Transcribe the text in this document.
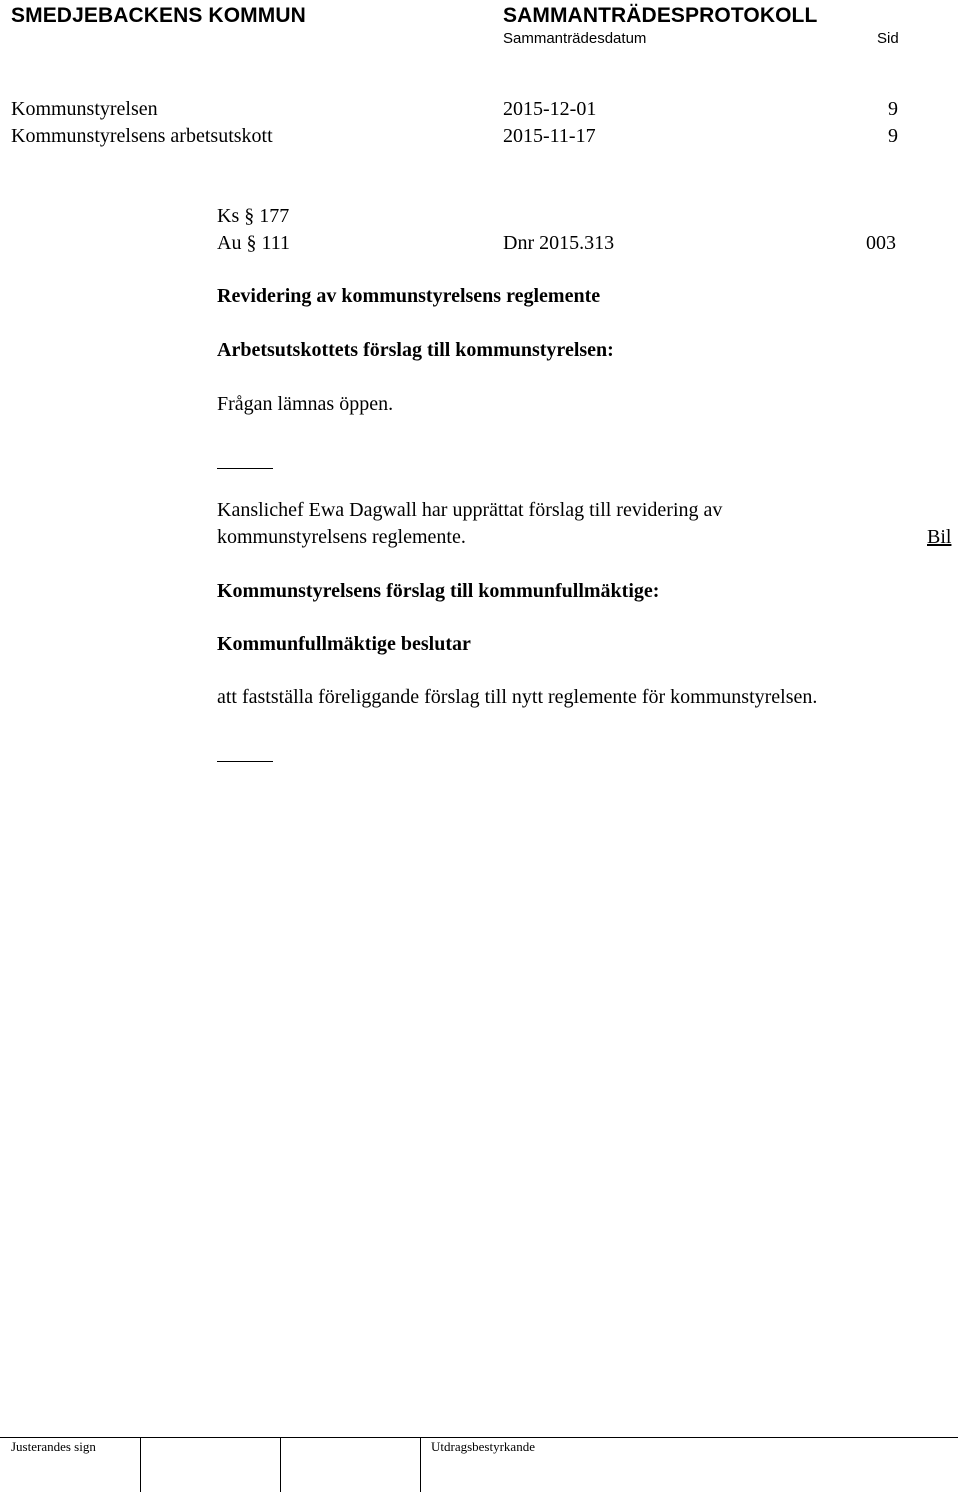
SMEDJEBACKENS KOMMUN	SAMMANTRÄDESPROTOKOLL
Sammanträdesdatum	Sid
Kommunstyrelsen	2015-12-01	9
Kommunstyrelsens arbetsutskott	2015-11-17	9
Ks § 177
Au § 111	Dnr 2015.313	003
Revidering av kommunstyrelsens reglemente
Arbetsutskottets förslag till kommunstyrelsen:
Frågan lämnas öppen.
Kanslichef Ewa Dagwall har upprättat förslag till revidering av
kommunstyrelsens reglemente.	Bil
Kommunstyrelsens förslag till kommunfullmäktige:
Kommunfullmäktige beslutar
att fastställa föreliggande förslag till nytt reglemente för kommunstyrelsen.
Justerandes sign	Utdragsbestyrkande
